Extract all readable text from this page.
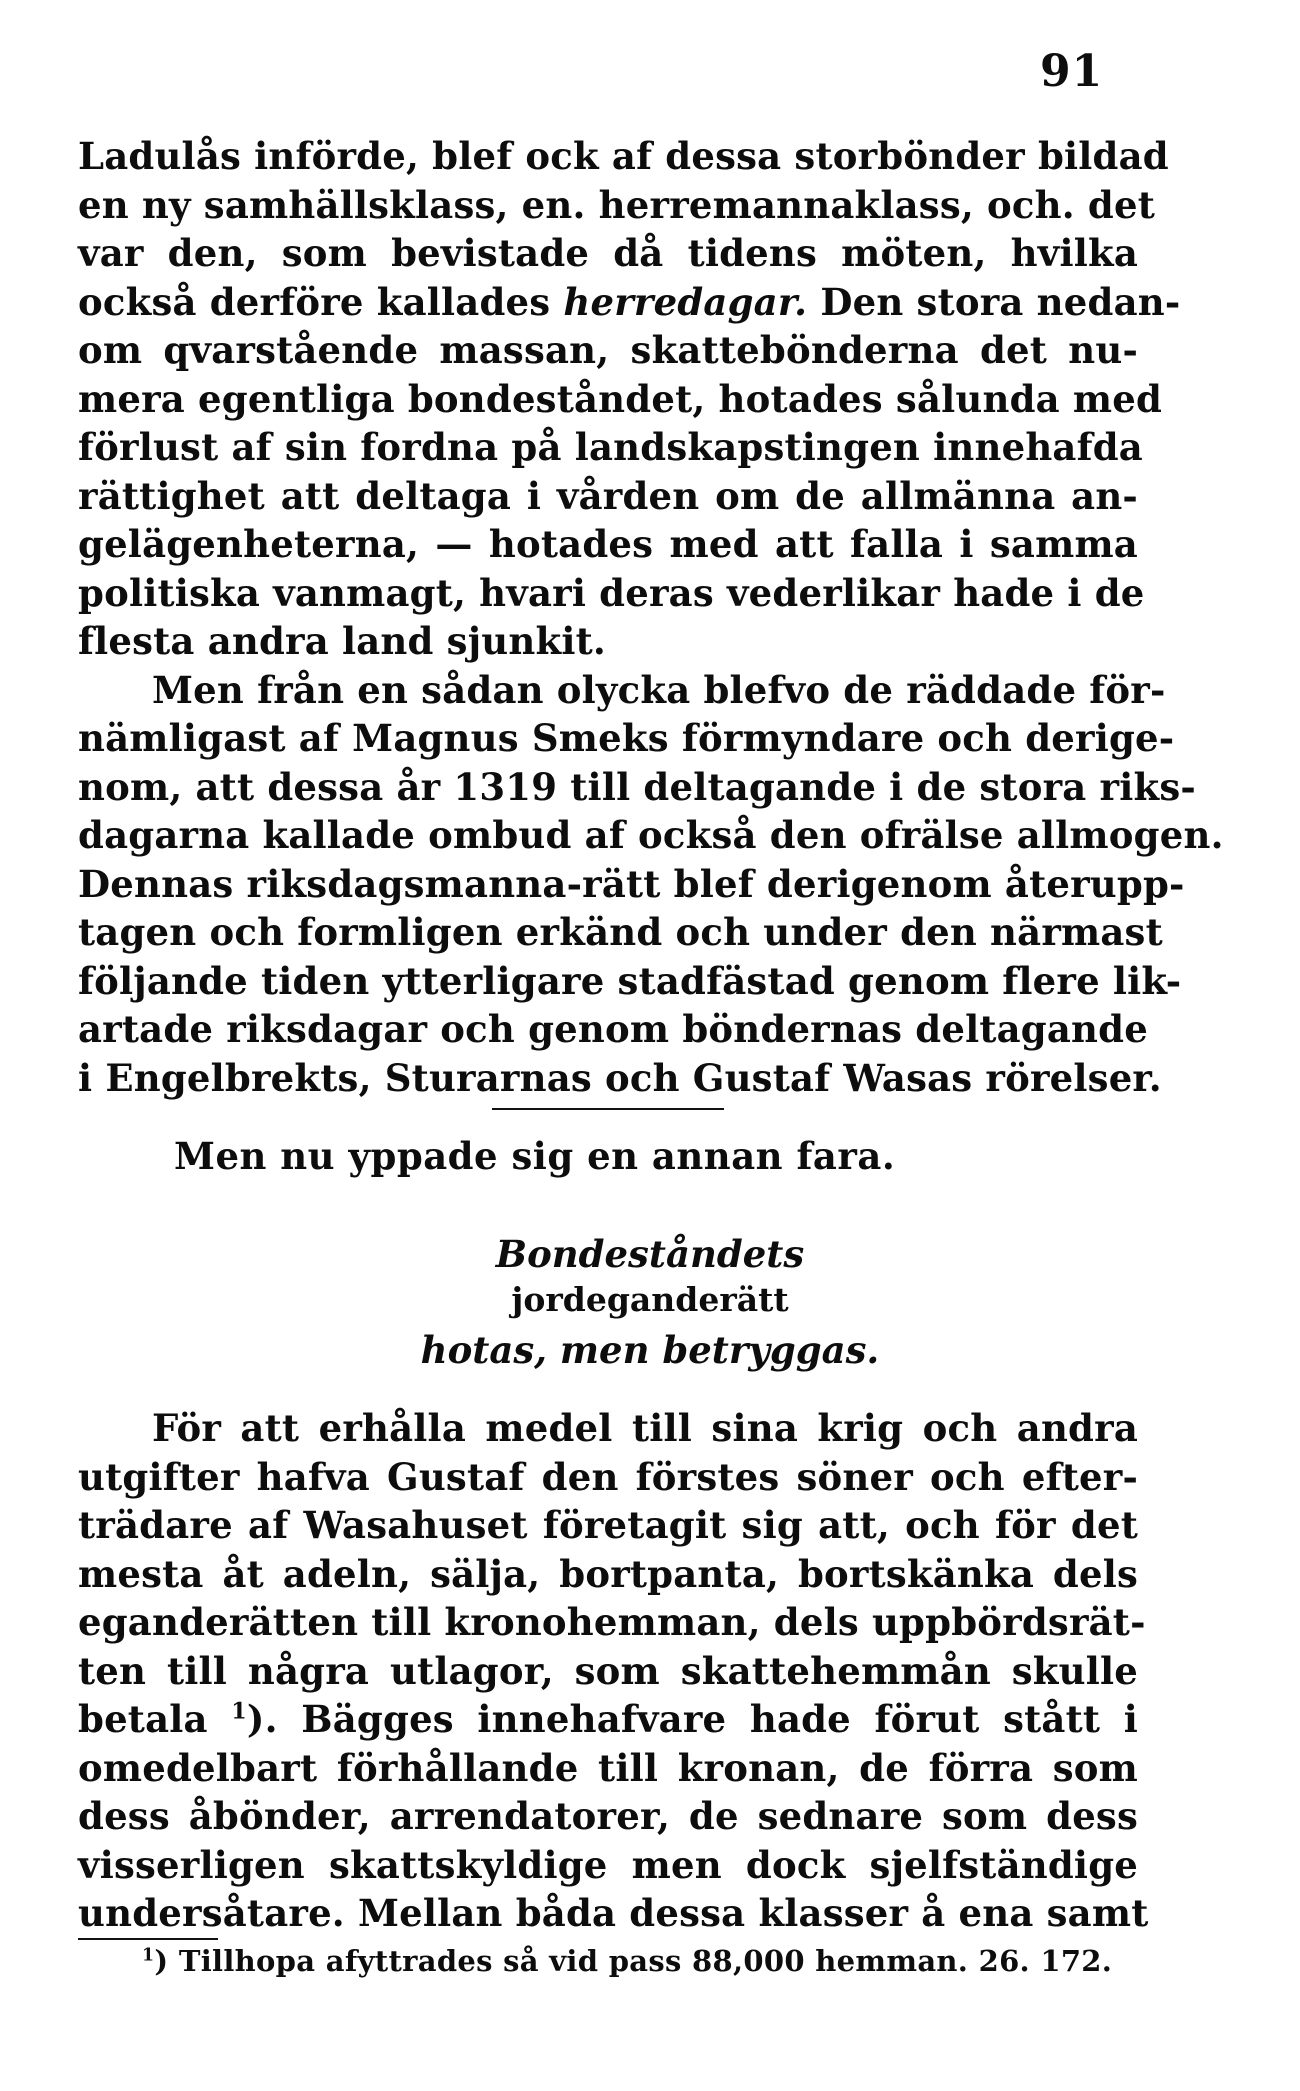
91
Ladulås införde, blef ock af dessa storbönder bildad
en ny samhällsklass, en. herremannaklass, och. det
var den, som bevistade då tidens möten, hvilka
också derföre kallades herredagar. Den stora nedan-
om qvarstående massan, skattebönderna det nu-
mera egentliga bondeståndet, hotades sålunda med
förlust af sin fordna på landskapstingen innehafda
rättighet att deltaga i vården om de allmänna an-
gelägenheterna, — hotades med att falla i samma
politiska vanmagt, hvari deras vederlikar hade i de
flesta andra land sjunkit.
Men från en sådan olycka blefvo de räddade för-
nämligast af Magnus Smeks förmyndare och derige-
nom, att dessa år 1319 till deltagande i de stora riks-
dagarna kallade ombud af också den ofrälse allmogen.
Dennas riksdagsmanna-rätt blef derigenom återupp-
tagen och formligen erkänd och under den närmast
följande tiden ytterligare stadfästad genom flere lik-
artade riksdagar och genom böndernas deltagande
i Engelbrekts, Sturarnas och Gustaf Wasas rörelser.
Men nu yppade sig en annan fara.
Bondeståndets
jordeganderätt
hotas, men betryggas.
För att erhålla medel till sina krig och andra
utgifter hafva Gustaf den förstes söner och efter-
trädare af Wasahuset företagit sig att, och för det
mesta åt adeln, sälja, bortpanta, bortskänka dels
eganderätten till kronohemman, dels uppbördsrät-
ten till några utlagor, som skattehemmån skulle
betala $^1$). Bägges innehafvare hade förut stått i
omedelbart förhållande till kronan, de förra som
dess åbönder, arrendatorer, de sednare som dess
visserligen skattskyldige men dock sjelfständige
undersåtare. Mellan båda dessa klasser å ena samt
$^1$) Tillhopa afyttrades så vid pass 88,000 hemman. 26. 172.
